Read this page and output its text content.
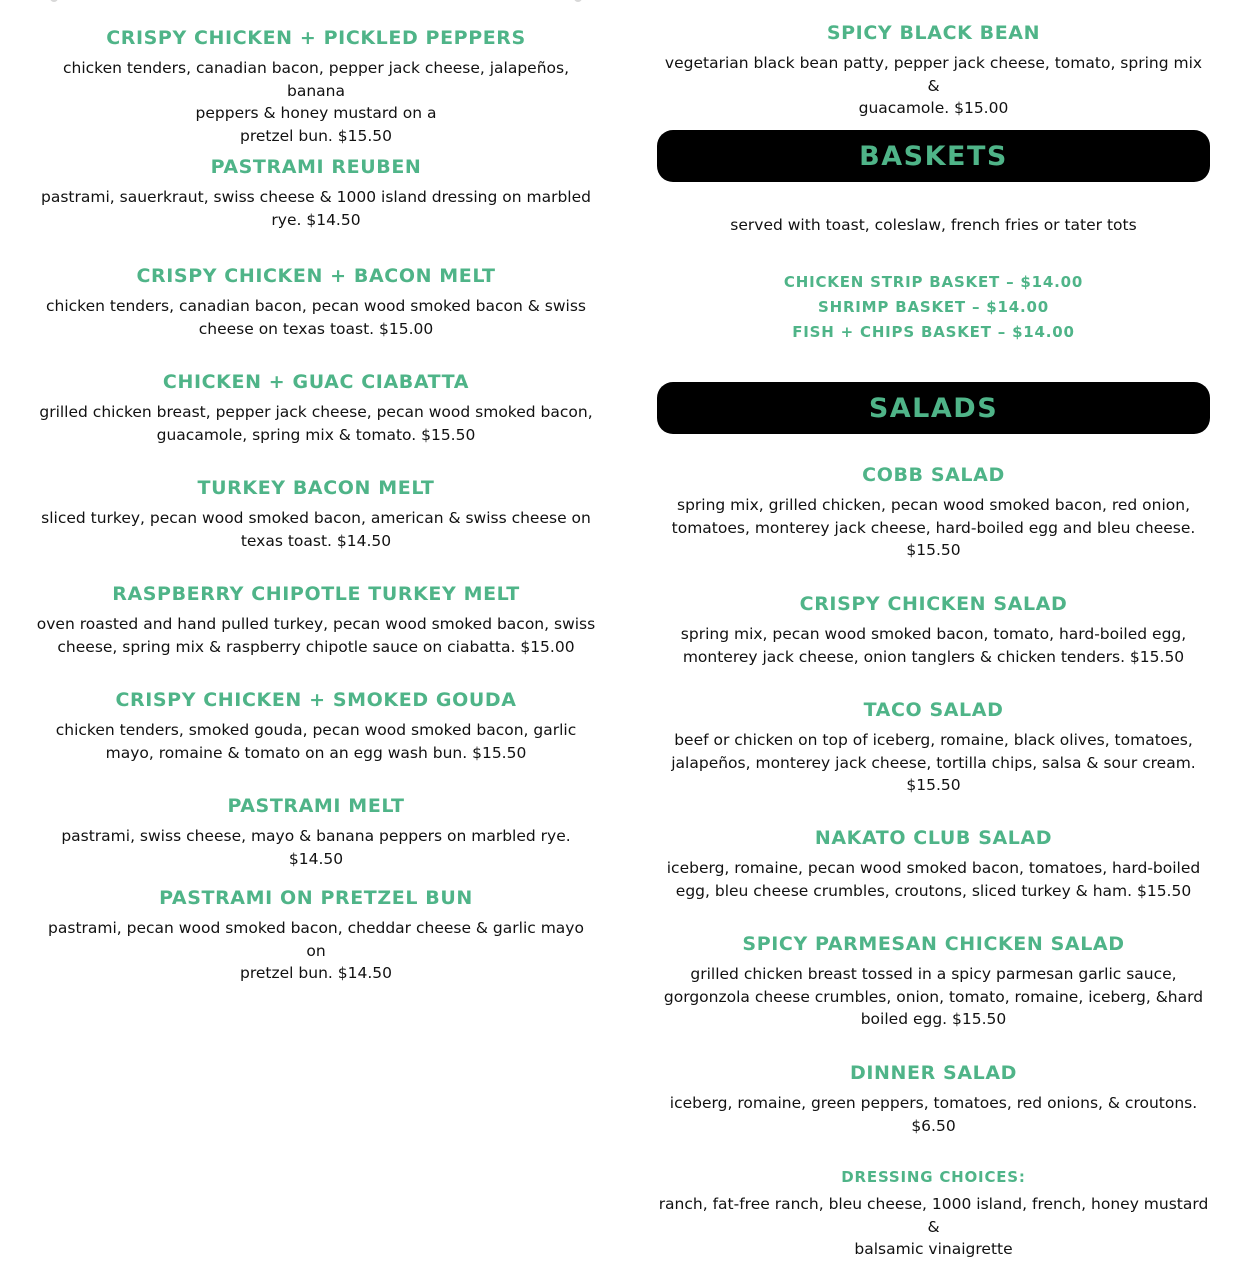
CRISPY CHICKEN + PICKLED PEPPERS

chicken tenders, canadian bacon, pepper jack cheese, jalapeños, banana
peppers & honey mustard on a
pretzel bun. $15.50

PASTRAMI REUBEN

pastrami, sauerkraut, swiss cheese & 1000 island dressing on marbled
rye. $14.50

CRISPY CHICKEN + BACON MELT

chicken tenders, canadian bacon, pecan wood smoked bacon & swiss
cheese on texas toast. $15.00

CHICKEN + GUAC CIABATTA

grilled chicken breast, pepper jack cheese, pecan wood smoked bacon,
guacamole, spring mix & tomato. $15.50

TURKEY BACON MELT

sliced turkey, pecan wood smoked bacon, american & swiss cheese on
texas toast. $14.50

RASPBERRY CHIPOTLE TURKEY MELT

oven roasted and hand pulled turkey, pecan wood smoked bacon, swiss
cheese, spring mix & raspberry chipotle sauce on ciabatta. $15.00

CRISPY CHICKEN + SMOKED GOUDA

chicken tenders, smoked gouda, pecan wood smoked bacon, garlic
mayo, romaine & tomato on an egg wash bun. $15.50

PASTRAMI MELT

pastrami, swiss cheese, mayo & banana peppers on marbled rye. $14.50

PASTRAMI ON PRETZEL BUN

pastrami, pecan wood smoked bacon, cheddar cheese & garlic mayo on
pretzel bun. $14.50

SPICY BLACK BEAN

vegetarian black bean patty, pepper jack cheese, tomato, spring mix &
guacamole. $15.00

BASKETS
served with toast, coleslaw, french fries or tater tots
CHICKEN STRIP BASKET – $14.00
SHRIMP BASKET – $14.00
FISH + CHIPS BASKET – $14.00
SALADS
COBB SALAD

spring mix, grilled chicken, pecan wood smoked bacon, red onion,
tomatoes, monterey jack cheese, hard-boiled egg and bleu cheese.
$15.50

CRISPY CHICKEN SALAD

spring mix, pecan wood smoked bacon, tomato, hard-boiled egg,
monterey jack cheese, onion tanglers & chicken tenders. $15.50

TACO SALAD

beef or chicken on top of iceberg, romaine, black olives, tomatoes,
jalapeños, monterey jack cheese, tortilla chips, salsa & sour cream.
$15.50

NAKATO CLUB SALAD

iceberg, romaine, pecan wood smoked bacon, tomatoes, hard-boiled
egg, bleu cheese crumbles, croutons, sliced turkey & ham. $15.50

SPICY PARMESAN CHICKEN SALAD

grilled chicken breast tossed in a spicy parmesan garlic sauce,
gorgonzola cheese crumbles, onion, tomato, romaine, iceberg, &hard
boiled egg. $15.50

DINNER SALAD

iceberg, romaine, green peppers, tomatoes, red onions, & croutons.
$6.50

DRESSING CHOICES:

ranch, fat-free ranch, bleu cheese, 1000 island, french, honey mustard &
balsamic vinaigrette
